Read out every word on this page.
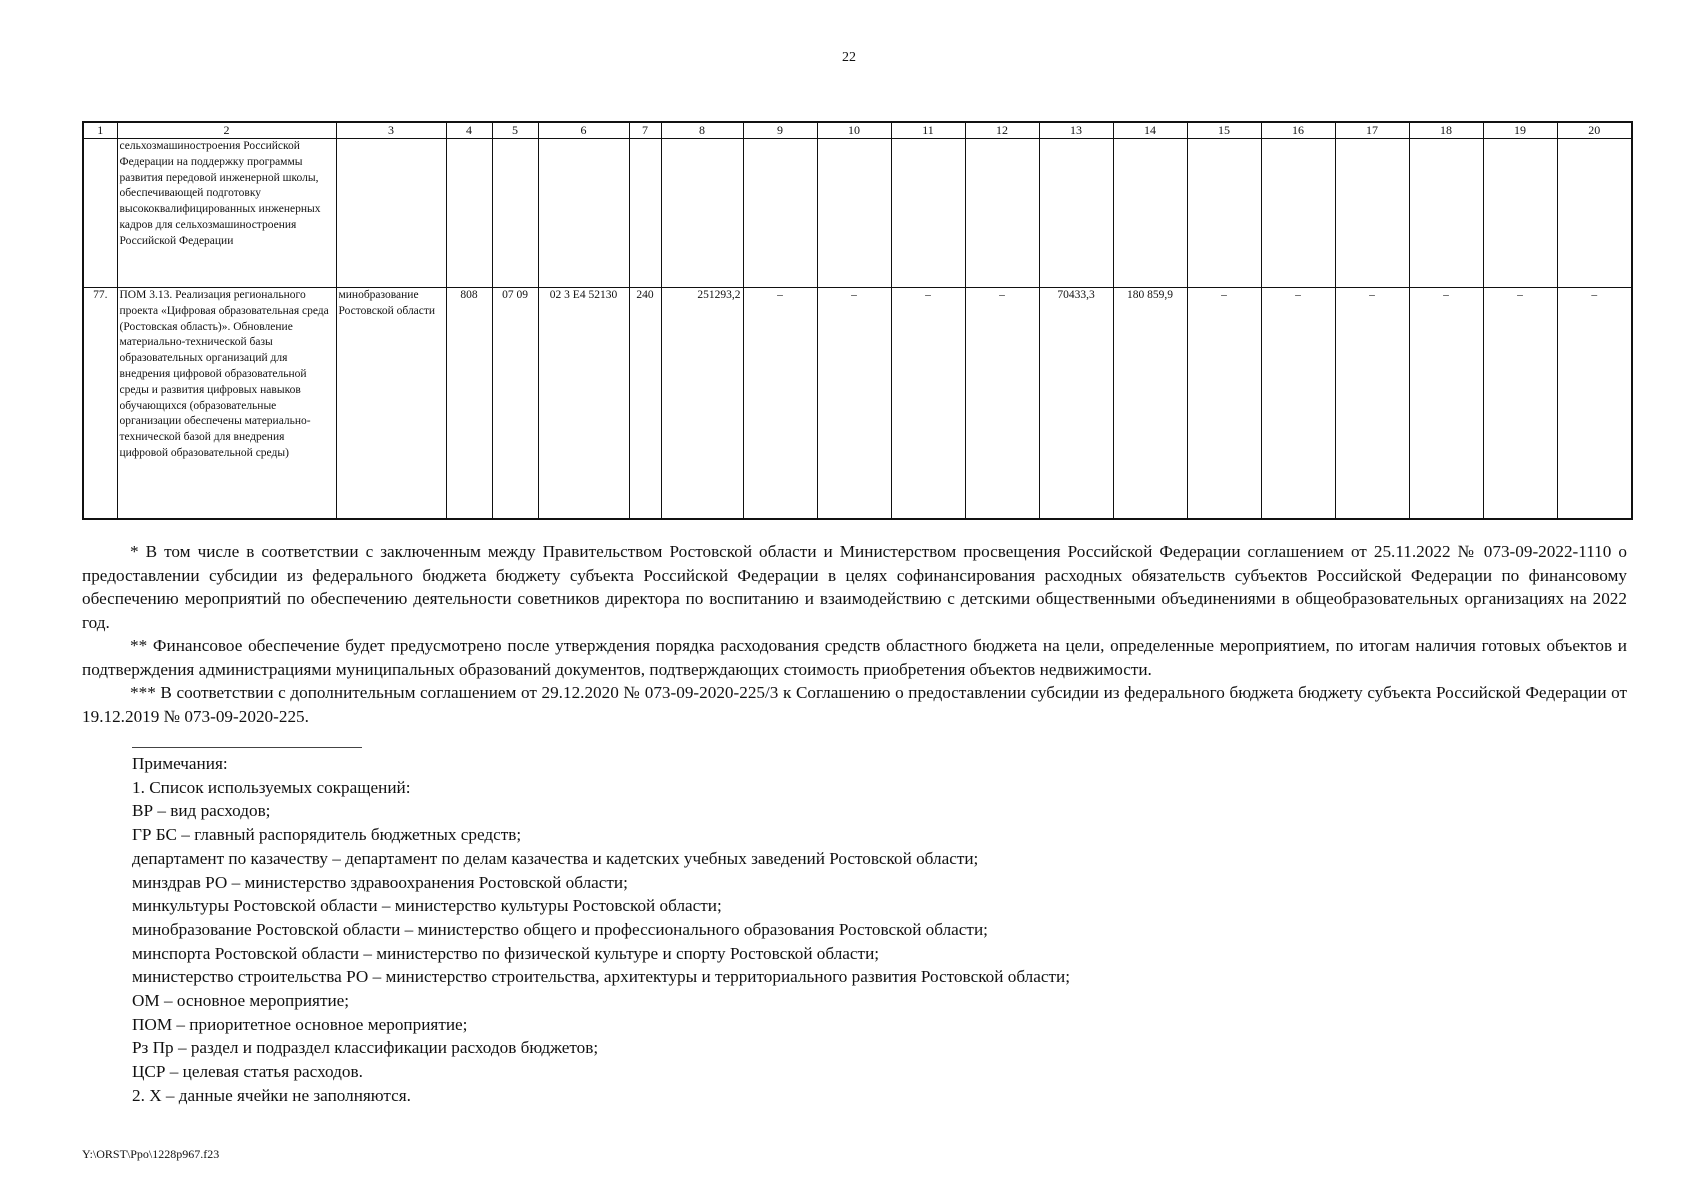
22
1	2	3	4	5	6	7	8	9	10	11	12	13	14	15	16	17	18	19	20
	сельхозмашиностроения Российской Федерации на поддержку программы развития передовой инженерной школы, обеспечивающей подготовку высококвалифицированных инженерных кадров для сельхозмашиностроения Российской Федерации																		
77.	ПОМ 3.13. Реализация регионального проекта «Цифровая образовательная среда (Ростовская область)». Обновление материально-технической базы образовательных организаций для внедрения цифровой образовательной среды и развития цифровых навыков обучающихся (образовательные организации обеспечены материально-технической базой для внедрения цифровой образовательной среды)	минобразование Ростовской области	808	07 09	02 3 Е4 52130	240	251293,2	–	–	–	–	70433,3	180 859,9	–	–	–	–	–	–

* В том числе в соответствии с заключенным между Правительством Ростовской области и Министерством просвещения Российской Федерации соглашением от 25.11.2022 № 073-09-2022-1110 о предоставлении субсидии из федерального бюджета бюджету субъекта Российской Федерации в целях софинансирования расходных обязательств субъектов Российской Федерации по финансовому обеспечению мероприятий по обеспечению деятельности советников директора по воспитанию и взаимодействию с детскими общественными объединениями в общеобразовательных организациях на 2022 год.

** Финансовое обеспечение будет предусмотрено после утверждения порядка расходования средств областного бюджета на цели, определенные мероприятием, по итогам наличия готовых объектов и подтверждения администрациями муниципальных образований документов, подтверждающих стоимость приобретения объектов недвижимости.

*** В соответствии с дополнительным соглашением от 29.12.2020 № 073-09-2020-225/3 к Соглашению о предоставлении субсидии из федерального бюджета бюджету субъекта Российской Федерации от 19.12.2019 № 073-09-2020-225.

Примечания:
1. Список используемых сокращений:
ВР – вид расходов;
ГР БС – главный распорядитель бюджетных средств;
департамент по казачеству – департамент по делам казачества и кадетских учебных заведений Ростовской области;
минздрав РО – министерство здравоохранения Ростовской области;
минкультуры Ростовской области – министерство культуры Ростовской области;
минобразование Ростовской области – министерство общего и профессионального образования Ростовской области;
минспорта Ростовской области – министерство по физической культуре и спорту Ростовской области;
министерство строительства РО – министерство строительства, архитектуры и территориального развития Ростовской области;
ОМ – основное мероприятие;
ПОМ – приоритетное основное мероприятие;
Рз Пр – раздел и подраздел классификации расходов бюджетов;
ЦСР – целевая статья расходов.
2. Х – данные ячейки не заполняются.
Y:\ORST\Ppo\1228p967.f23
